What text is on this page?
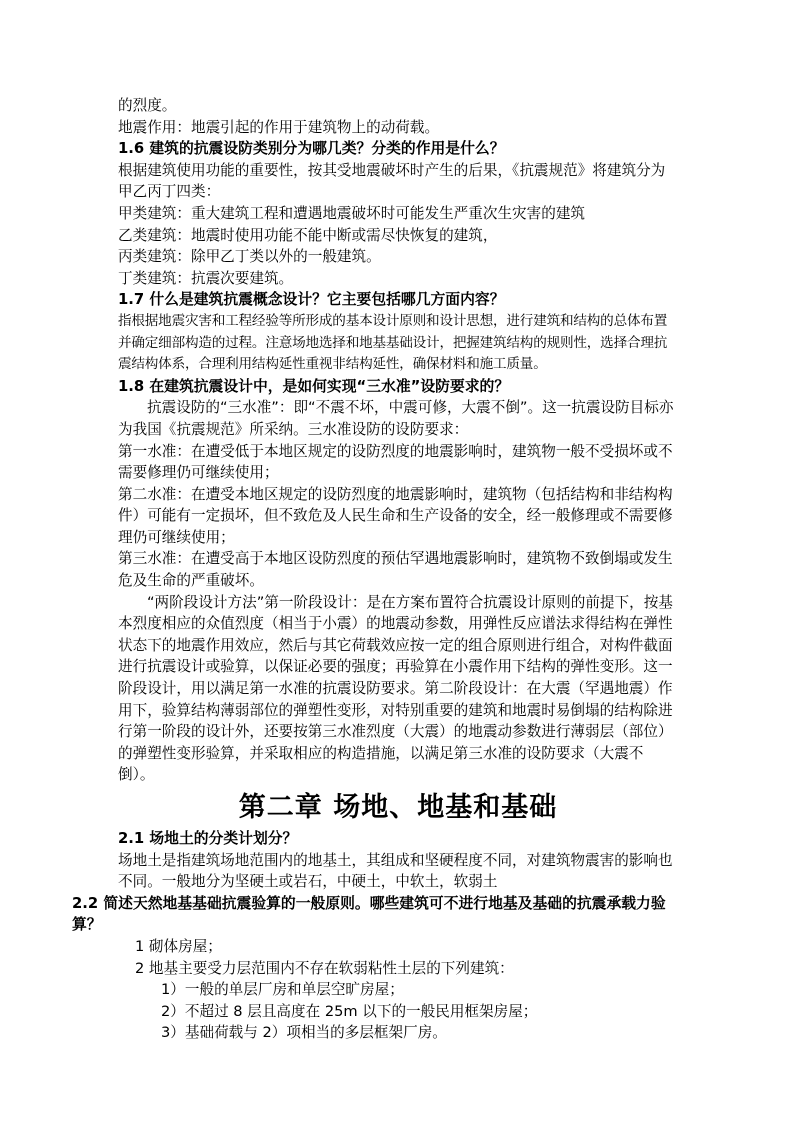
的烈度。

地震作用：地震引起的作用于建筑物上的动荷载。

1.6 建筑的抗震设防类别分为哪几类？分类的作用是什么？

根据建筑使用功能的重要性，按其受地震破坏时产生的后果，《抗震规范》将建筑分为甲乙丙丁四类：

甲类建筑：重大建筑工程和遭遇地震破坏时可能发生严重次生灾害的建筑

乙类建筑：地震时使用功能不能中断或需尽快恢复的建筑，

丙类建筑：除甲乙丁类以外的一般建筑。

丁类建筑：抗震次要建筑。

1.7 什么是建筑抗震概念设计？它主要包括哪几方面内容？

指根据地震灾害和工程经验等所形成的基本设计原则和设计思想，进行建筑和结构的总体布置并确定细部构造的过程。注意场地选择和地基基础设计，把握建筑结构的规则性，选择合理抗震结构体系，合理利用结构延性重视非结构延性，确保材料和施工质量。

1.8 在建筑抗震设计中，是如何实现“三水准”设防要求的？

抗震设防的“三水准”：即“不震不坏，中震可修，大震不倒”。这一抗震设防目标亦为我国《抗震规范》所采纳。三水准设防的设防要求：

第一水准：在遭受低于本地区规定的设防烈度的地震影响时，建筑物一般不受损坏或不需要修理仍可继续使用；

第二水准：在遭受本地区规定的设防烈度的地震影响时，建筑物（包括结构和非结构构件）可能有一定损坏，但不致危及人民生命和生产设备的安全，经一般修理或不需要修理仍可继续使用；

第三水准：在遭受高于本地区设防烈度的预估罕遇地震影响时，建筑物不致倒塌或发生危及生命的严重破坏。

“两阶段设计方法”第一阶段设计：是在方案布置符合抗震设计原则的前提下，按基本烈度相应的众值烈度（相当于小震）的地震动参数，用弹性反应谱法求得结构在弹性状态下的地震作用效应，然后与其它荷载效应按一定的组合原则进行组合，对构件截面进行抗震设计或验算，以保证必要的强度；再验算在小震作用下结构的弹性变形。这一阶段设计，用以满足第一水准的抗震设防要求。第二阶段设计：在大震（罕遇地震）作用下，验算结构薄弱部位的弹塑性变形，对特别重要的建筑和地震时易倒塌的结构除进行第一阶段的设计外，还要按第三水准烈度（大震）的地震动参数进行薄弱层（部位）的弹塑性变形验算，并采取相应的构造措施，以满足第三水准的设防要求（大震不倒）。

第二章 场地、地基和基础

2.1 场地土的分类计划分？

场地土是指建筑场地范围内的地基土，其组成和坚硬程度不同，对建筑物震害的影响也不同。一般地分为坚硬土或岩石，中硬土，中软土，软弱土

2.2 简述天然地基基础抗震验算的一般原则。哪些建筑可不进行地基及基础的抗震承载力验算？

1 砌体房屋；

2 地基主要受力层范围内不存在软弱粘性土层的下列建筑：

1）一般的单层厂房和单层空旷房屋；

2）不超过 8 层且高度在 25m 以下的一般民用框架房屋；

3）基础荷载与 2）项相当的多层框架厂房。
